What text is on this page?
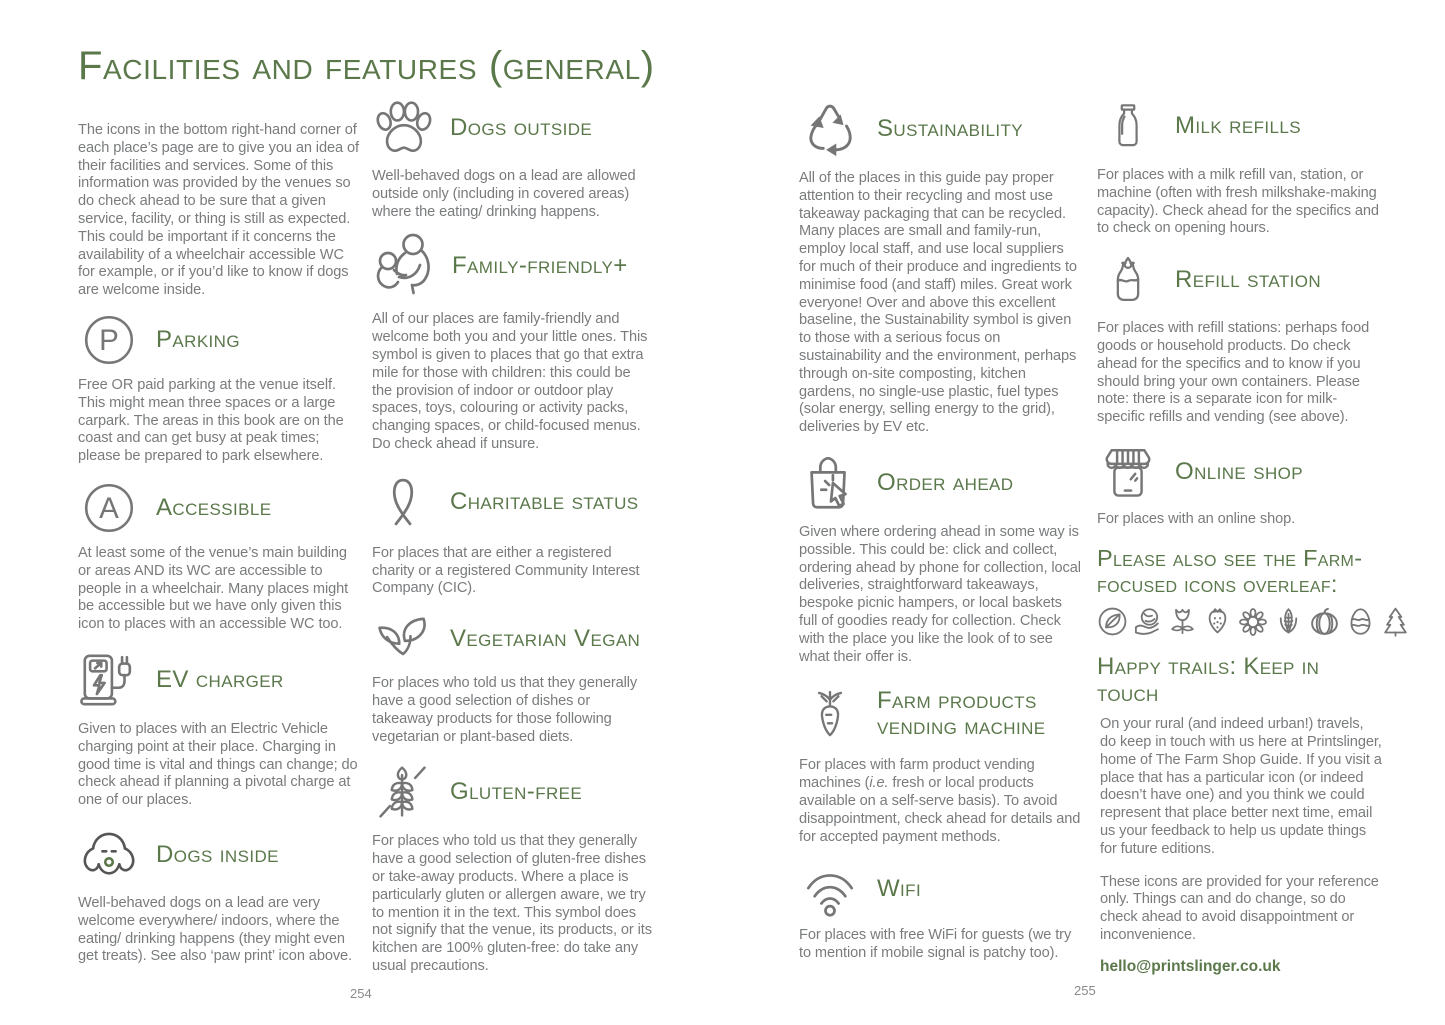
Facilities and features (general)

The icons in the bottom right-hand corner of each place’s page are to give you an idea of their facilities and services. Some of this information was provided by the venues so do check ahead to be sure that a given service, facility, or thing is still as expected. This could be important if it concerns the availability of a wheelchair accessible WC for example, or if you’d like to know if dogs are welcome inside.

P Parking

Free OR paid parking at the venue itself. This might mean three spaces or a large carpark. The areas in this book are on the coast and can get busy at peak times; please be prepared to park elsewhere.

A Accessible

At least some of the venue’s main building or areas AND its WC are accessible to people in a wheelchair. Many places might be accessible but we have only given this icon to places with an accessible WC too.

EV charger

Given to places with an Electric Vehicle charging point at their place. Charging in good time is vital and things can change; do check ahead if planning a pivotal charge at one of our places.

Dogs inside

Well-behaved dogs on a lead are very welcome everywhere/ indoors, where the eating/ drinking happens (they might even get treats). See also ‘paw print’ icon above.

Dogs outside

Well-behaved dogs on a lead are allowed outside only (including in covered areas) where the eating/ drinking happens.

Family-friendly+

All of our places are family-friendly and welcome both you and your little ones. This symbol is given to places that go that extra mile for those with children: this could be the provision of indoor or outdoor play spaces, toys, colouring or activity packs, changing spaces, or child-focused menus. Do check ahead if unsure.

Charitable status

For places that are either a registered charity or a registered Community Interest Company (CIC).

Vegetarian Vegan

For places who told us that they generally have a good selection of dishes or takeaway products for those following vegetarian or plant-based diets.

Gluten-free

For places who told us that they generally have a good selection of gluten-free dishes or take-away products. Where a place is particularly gluten or allergen aware, we try to mention it in the text. This symbol does not signify that the venue, its products, or its kitchen are 100% gluten-free: do take any usual precautions.

Sustainability

All of the places in this guide pay proper attention to their recycling and most use takeaway packaging that can be recycled. Many places are small and family-run, employ local staff, and use local suppliers for much of their produce and ingredients to minimise food (and staff) miles. Great work everyone! Over and above this excellent baseline, the Sustainability symbol is given to those with a serious focus on sustainability and the environment, perhaps through on-site composting, kitchen gardens, no single-use plastic, fuel types (solar energy, selling energy to the grid), deliveries by EV etc.

Order ahead

Given where ordering ahead in some way is possible. This could be: click and collect, ordering ahead by phone for collection, local deliveries, straightforward takeaways, bespoke picnic hampers, or local baskets full of goodies ready for collection. Check with the place you like the look of to see what their offer is.

Farm products vending machine

For places with farm product vending machines (i.e. fresh or local products available on a self-serve basis). To avoid disappointment, check ahead for details and for accepted payment methods.

Wifi

For places with free WiFi for guests (we try to mention if mobile signal is patchy too).

Milk refills

For places with a milk refill van, station, or machine (often with fresh milkshake-making capacity). Check ahead for the specifics and to check on opening hours.

Refill station

For places with refill stations: perhaps food goods or household products. Do check ahead for the specifics and to know if you should bring your own containers. Please note: there is a separate icon for milk-specific refills and vending (see above).

Online shop

For places with an online shop.

Please also see the Farm-focused icons overleaf:
Happy trails: Keep in touch

On your rural (and indeed urban!) travels, do keep in touch with us here at Printslinger, home of The Farm Shop Guide. If you visit a place that has a particular icon (or indeed doesn’t have one) and you think we could represent that place better next time, email us your feedback to help us update things for future editions.

These icons are provided for your reference only. Things can and do change, so do check ahead to avoid disappointment or inconvenience.

hello@printslinger.co.uk
254	255
